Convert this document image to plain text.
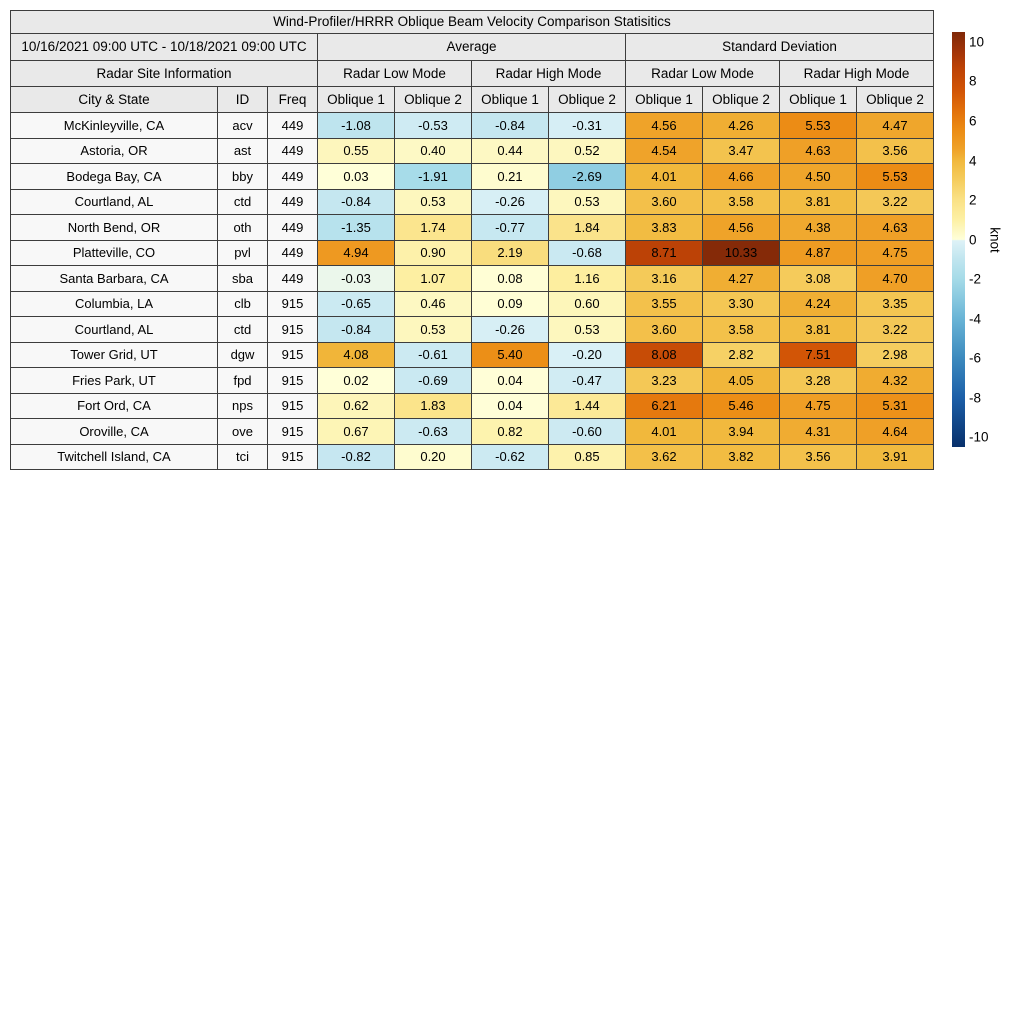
Wind-Profiler/HRRR Oblique Beam Velocity Comparison Statisitics										
10/16/2021 09:00 UTC - 10/18/2021 09:00 UTC			Average				Standard Deviation			
Radar Site Information			Radar Low Mode		Radar High Mode		Radar Low Mode		Radar High Mode	
City & State	ID	Freq	Oblique 1	Oblique 2	Oblique 1	Oblique 2	Oblique 1	Oblique 2	Oblique 1	Oblique 2
McKinleyville, CA	acv	449	-1.08	-0.53	-0.84	-0.31	4.56	4.26	5.53	4.47
Astoria, OR	ast	449	0.55	0.40	0.44	0.52	4.54	3.47	4.63	3.56
Bodega Bay, CA	bby	449	0.03	-1.91	0.21	-2.69	4.01	4.66	4.50	5.53
Courtland, AL	ctd	449	-0.84	0.53	-0.26	0.53	3.60	3.58	3.81	3.22
North Bend, OR	oth	449	-1.35	1.74	-0.77	1.84	3.83	4.56	4.38	4.63
Platteville, CO	pvl	449	4.94	0.90	2.19	-0.68	8.71	10.33	4.87	4.75
Santa Barbara, CA	sba	449	-0.03	1.07	0.08	1.16	3.16	4.27	3.08	4.70
Columbia, LA	clb	915	-0.65	0.46	0.09	0.60	3.55	3.30	4.24	3.35
Courtland, AL	ctd	915	-0.84	0.53	-0.26	0.53	3.60	3.58	3.81	3.22
Tower Grid, UT	dgw	915	4.08	-0.61	5.40	-0.20	8.08	2.82	7.51	2.98
Fries Park, UT	fpd	915	0.02	-0.69	0.04	-0.47	3.23	4.05	3.28	4.32
Fort Ord, CA	nps	915	0.62	1.83	0.04	1.44	6.21	5.46	4.75	5.31
Oroville, CA	ove	915	0.67	-0.63	0.82	-0.60	4.01	3.94	4.31	4.64
Twitchell Island, CA	tci	915	-0.82	0.20	-0.62	0.85	3.62	3.82	3.56	3.91
10
8
6
4
2
0
-2
-4
-6
-8
-10
knot
